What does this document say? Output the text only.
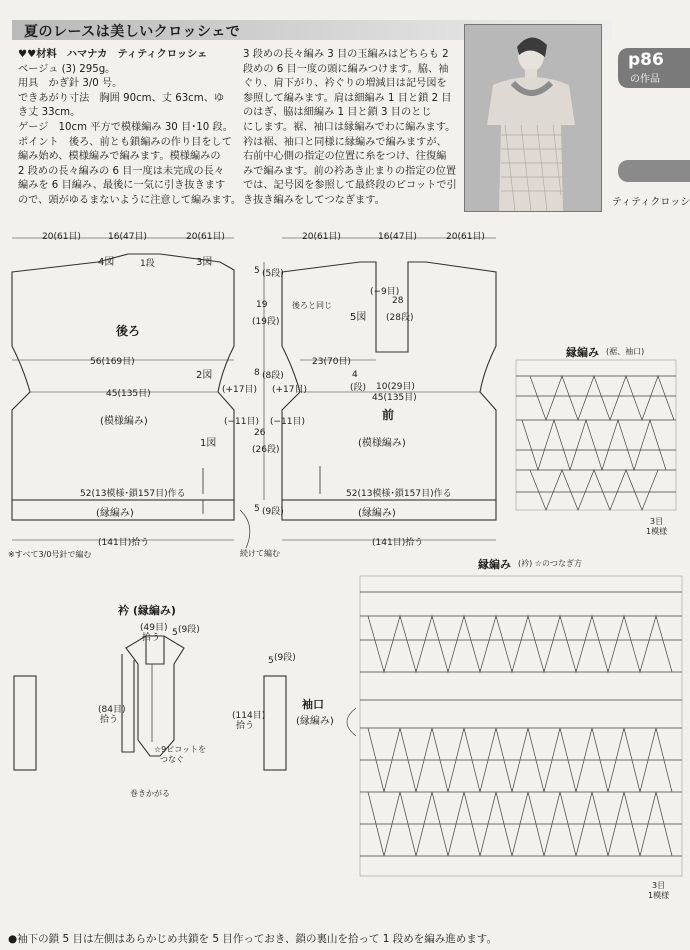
夏のレースは美しいクロッシェで
♥♥材料　ハマナカ　ティティクロッシェ
ベージュ (3) 295g。
用具　かぎ針 3/0 号。
できあがり寸法　胸囲 90cm、丈 63cm、ゆ
き丈 33cm。
ゲージ　10cm 平方で模様編み 30 目･10 段。
ポイント　後ろ、前とも鎖編みの作り目をして
編み始め、模様編みで編みます。模様編みの
2 段めの長々編みの 6 目一度は未完成の長々
編みを 6 目編み、最後に一気に引き抜きます
ので、頭がゆるまないように注意して編みます。
3 段めの長々編み 3 目の玉編みはどちらも 2
段めの 6 目一度の頭に編みつけます。脇、袖
ぐり、肩下がり、衿ぐりの増減目は記号図を
参照して編みます。肩は細編み 1 目と鎖 2 目
のはぎ、脇は細編み 1 目と鎖 3 目のとじ
にします。裾、袖口は縁編みでわに編みます。
衿は裾、袖口と同様に縁編みで編みますが、
右前中心側の指定の位置に糸をつけ、往復編
みで編みます。前の衿あき止まりの指定の位置
では、記号図を参照して最終段のピコットで引
き抜き編みをしてつなぎます。
p86
の作品
ティティクロッシ
20(61目)	16(47目)	20(61目)
1段
4図	3図
後ろ
56(169目)
2図
45(135目)
(模様編み)
1図
52(13模様･鎖157目)作る
(縁編み)
(141目)拾う
※すべて3/0号針で編む
5 (5段)
19
(19段)
8 (8段)
(+17目) (+17目)
(−11目) (−11目)
26
(26段)
5 (9段)
後ろと同じ
続けて編む
20(61目)	16(47目)	20(61目)
(−9目)
5図
28
(28段)
23(70目)
4
(段) 10(29目)
45(135目)
前
(模様編み)
52(13模様･鎖157目)作る
(縁編み)
(141目)拾う
縁編み (裾、袖口)
3目
1模様
衿 (縁編み)
(49目)
拾う 5 (9段)
(84目)
拾う
☆9ピコットを
つなぐ
巻きかがる
5 (9段)
(114目)
拾う
袖口
(縁編み)
縁編み (衿) ☆のつなぎ方
3目
1模様
●袖下の鎖 5 目は左側はあらかじめ共鎖を 5 目作っておき、鎖の裏山を拾って 1 段めを編み進めます。
